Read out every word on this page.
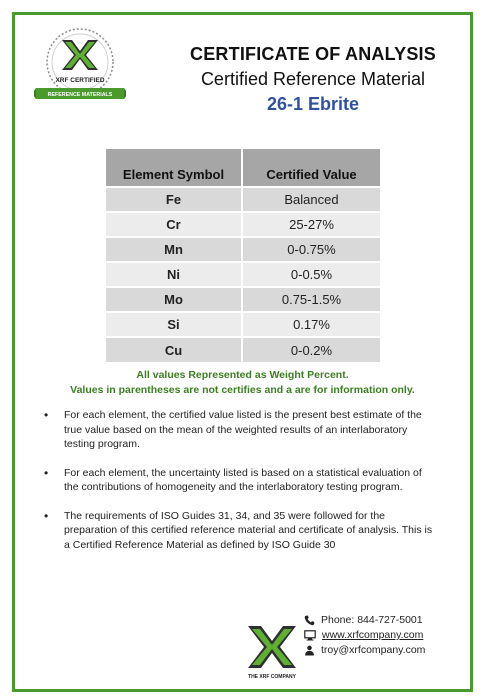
XRF CERTIFIED
REFERENCE MATERIALS
CERTIFICATE OF ANALYSIS
Certified Reference Material
26-1 Ebrite
Element Symbol	Certified Value
Fe	Balanced
Cr	25-27%
Mn	0-0.75%
Ni	0-0.5%
Mo	0.75-1.5%
Si	0.17%
Cu	0-0.2%
All values Represented as Weight Percent.
Values in parentheses are not certifies and a are for information only.
• For each element, the certified value listed is the present best estimate of the true value based on the mean of the weighted results of an interlaboratory testing program.
• For each element, the uncertainty listed is based on a statistical evaluation of the contributions of homogeneity and the interlaboratory testing program.
• The requirements of ISO Guides 31, 34, and 35 were followed for the preparation of this certified reference material and certificate of analysis. This is a Certified Reference Material as defined by ISO Guide 30
THE XRF COMPANY
Phone: 844-727-5001
www.xrfcompany.com
troy@xrfcompany.com
